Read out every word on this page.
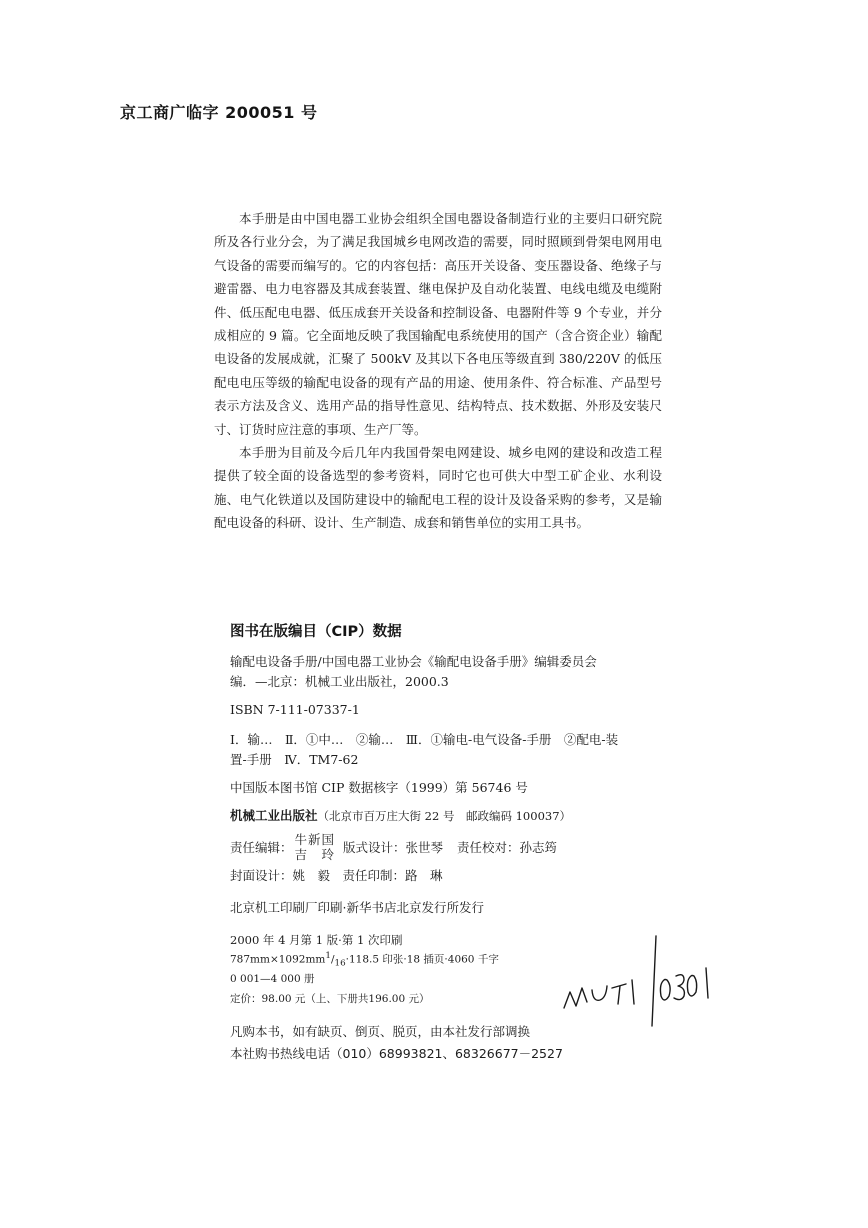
京工商广临字 200051 号

本手册是由中国电器工业协会组织全国电器设备制造行业的主要归口研究院所及各行业分会，为了满足我国城乡电网改造的需要，同时照顾到骨架电网用电气设备的需要而编写的。它的内容包括：高压开关设备、变压器设备、绝缘子与避雷器、电力电容器及其成套装置、继电保护及自动化装置、电线电缆及电缆附件、低压配电电器、低压成套开关设备和控制设备、电器附件等 9 个专业，并分成相应的 9 篇。它全面地反映了我国输配电系统使用的国产（含合资企业）输配电设备的发展成就，汇聚了 500kV 及其以下各电压等级直到 380/220V 的低压配电电压等级的输配电设备的现有产品的用途、使用条件、符合标准、产品型号表示方法及含义、选用产品的指导性意见、结构特点、技术数据、外形及安装尺寸、订货时应注意的事项、生产厂等。

本手册为目前及今后几年内我国骨架电网建设、城乡电网的建设和改造工程提供了较全面的设备选型的参考资料，同时它也可供大中型工矿企业、水利设施、电气化铁道以及国防建设中的输配电工程的设计及设备采购的参考，又是输配电设备的科研、设计、生产制造、成套和销售单位的实用工具书。

图书在版编目（CIP）数据

输配电设备手册/中国电器工业协会《输配电设备手册》编辑委员会

编．—北京：机械工业出版社，2000.3

ISBN 7-111-07337-1

Ⅰ．输…　Ⅱ．①中…　②输…　Ⅲ．①输电-电气设备-手册　②配电-装

置-手册　Ⅳ．TM7-62

中国版本图书馆 CIP 数据核字（1999）第 56746 号

机械工业出版社（北京市百万庄大街 22 号　邮政编码 100037）

责任编辑：
牛新国
吉　玲 版式设计：张世琴 责任校对：孙志筠

封面设计：姚　毅　责任印制：路　琳

北京机工印刷厂印刷·新华书店北京发行所发行

2000 年 4 月第 1 版·第 1 次印刷

$787mm\times 1092mm^1/_{16}\cdot 118.5$ 印张·18 插页·4060 千字

0 001—4 000 册

定价：98.00 元（上、下册共196.00 元）

凡购本书，如有缺页、倒页、脱页，由本社发行部调换

本社购书热线电话（010）68993821、68326677－2527
